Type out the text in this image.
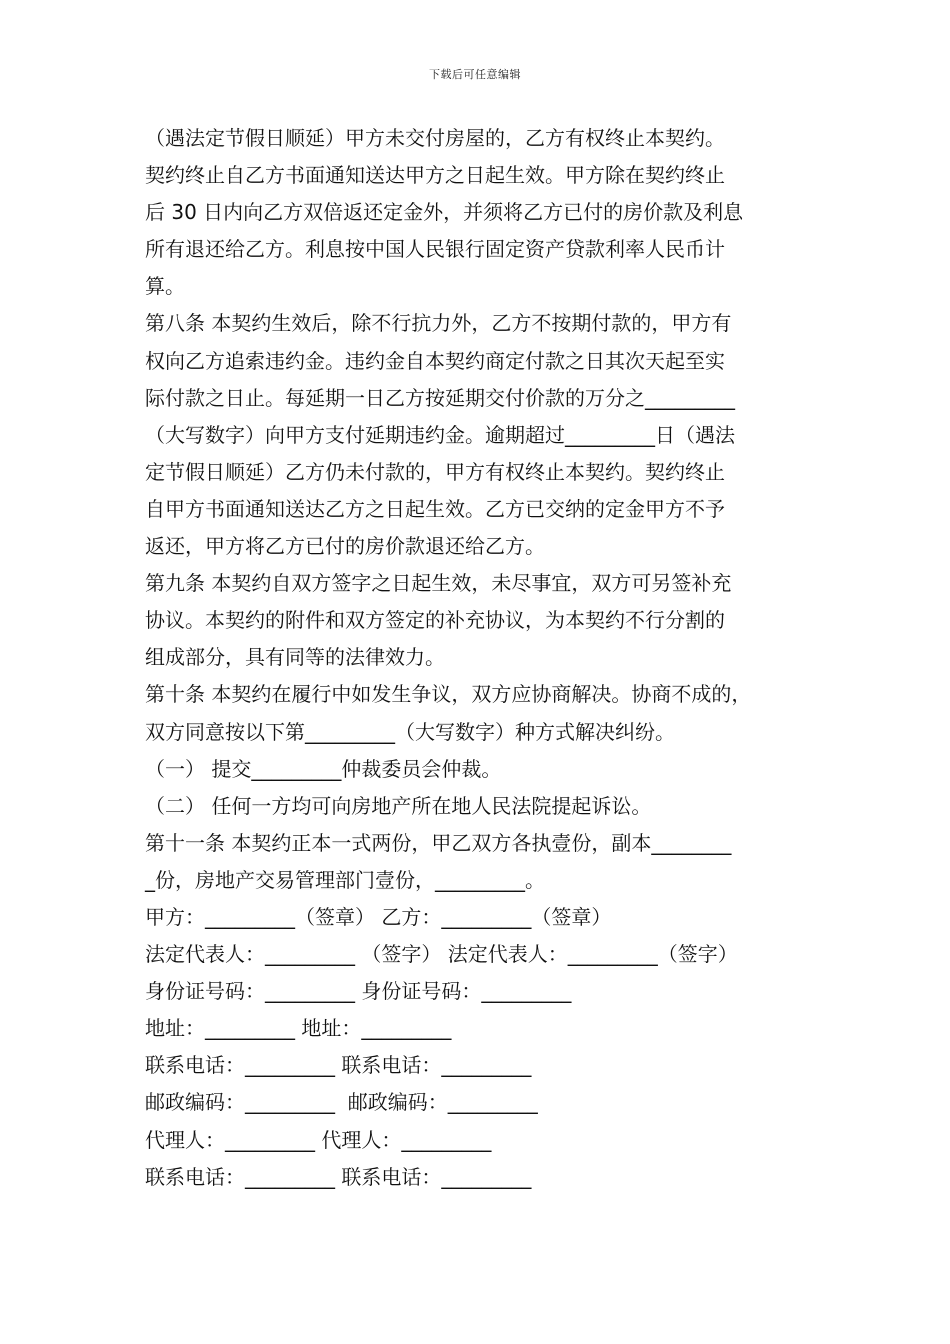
下载后可任意编辑
（遇法定节假日顺延）甲方未交付房屋的，乙方有权终止本契约。
契约终止自乙方书面通知送达甲方之日起生效。甲方除在契约终止
后 30 日内向乙方双倍返还定金外，并须将乙方已付的房价款及利息
所有退还给乙方。利息按中国人民银行固定资产贷款利率人民币计
算。
第八条 本契约生效后，除不行抗力外，乙方不按期付款的，甲方有
权向乙方追索违约金。违约金自本契约商定付款之日其次天起至实
际付款之日止。每延期一日乙方按延期交付价款的万分之_________
（大写数字）向甲方支付延期违约金。逾期超过_________日（遇法
定节假日顺延）乙方仍未付款的，甲方有权终止本契约。契约终止
自甲方书面通知送达乙方之日起生效。乙方已交纳的定金甲方不予
返还，甲方将乙方已付的房价款退还给乙方。
第九条 本契约自双方签字之日起生效，未尽事宜，双方可另签补充
协议。本契约的附件和双方签定的补充协议，为本契约不行分割的
组成部分，具有同等的法律效力。
第十条 本契约在履行中如发生争议，双方应协商解决。协商不成的，
双方同意按以下第_________（大写数字）种方式解决纠纷。
（一） 提交_________仲裁委员会仲裁。
（二） 任何一方均可向房地产所在地人民法院提起诉讼。
第十一条 本契约正本一式两份，甲乙双方各执壹份，副本________
_份，房地产交易管理部门壹份，_________。
甲方：_________（签章） 乙方：_________（签章）
法定代表人：_________ （签字） 法定代表人：_________（签字）
身份证号码：_________ 身份证号码：_________
地址：_________ 地址：_________
联系电话：_________ 联系电话：_________
邮政编码：_________  邮政编码：_________
代理人：_________ 代理人：_________
联系电话：_________ 联系电话：_________
